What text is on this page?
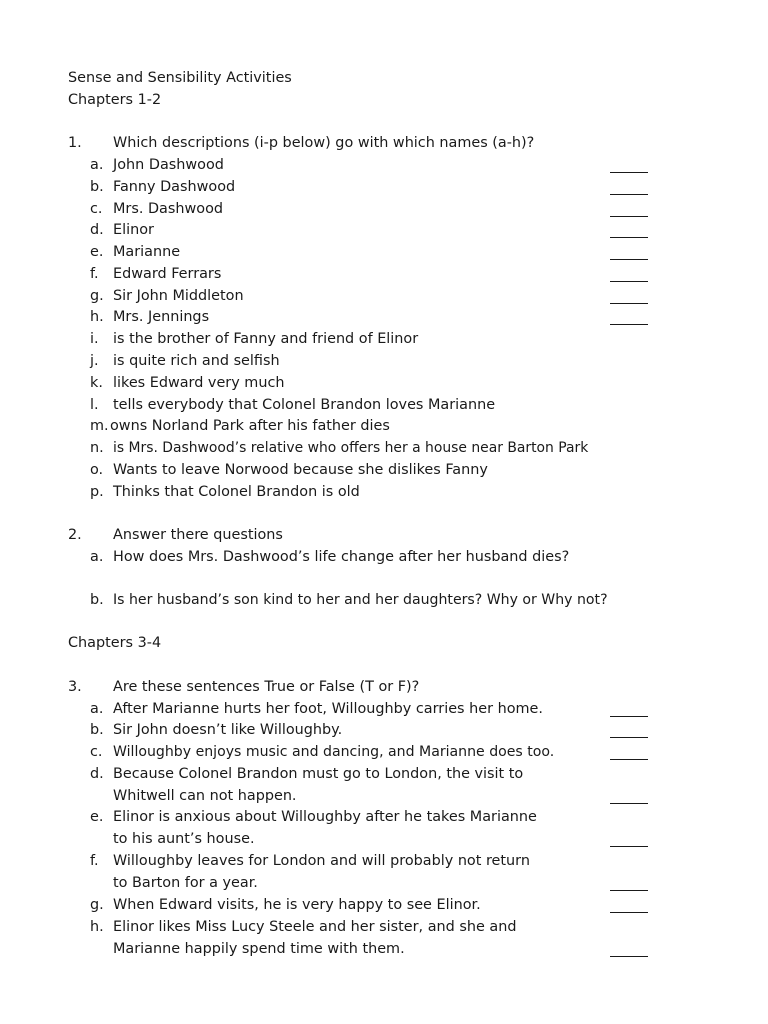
Sense and Sensibility Activities
Chapters 1-2
1. Which descriptions (i-p below) go with which names (a-h)?
a. John Dashwood
b. Fanny Dashwood
c. Mrs. Dashwood
d. Elinor
e. Marianne
f. Edward Ferrars
g. Sir John Middleton
h. Mrs. Jennings
i. is the brother of Fanny and friend of Elinor
j. is quite rich and selfish
k. likes Edward very much
l. tells everybody that Colonel Brandon loves Marianne
m. owns Norland Park after his father dies
n. is Mrs. Dashwood’s relative who offers her a house near Barton Park
o. Wants to leave Norwood because she dislikes Fanny
p. Thinks that Colonel Brandon is old
2. Answer there questions
a. How does Mrs. Dashwood’s life change after her husband dies?
b. Is her husband’s son kind to her and her daughters? Why or Why not?
Chapters 3-4
3. Are these sentences True or False (T or F)?
a. After Marianne hurts her foot, Willoughby carries her home.
b. Sir John doesn’t like Willoughby.
c. Willoughby enjoys music and dancing, and Marianne does too.
d. Because Colonel Brandon must go to London, the visit to
Whitwell can not happen.
e. Elinor is anxious about Willoughby after he takes Marianne
to his aunt’s house.
f. Willoughby leaves for London and will probably not return
to Barton for a year.
g. When Edward visits, he is very happy to see Elinor.
h. Elinor likes Miss Lucy Steele and her sister, and she and
Marianne happily spend time with them.
